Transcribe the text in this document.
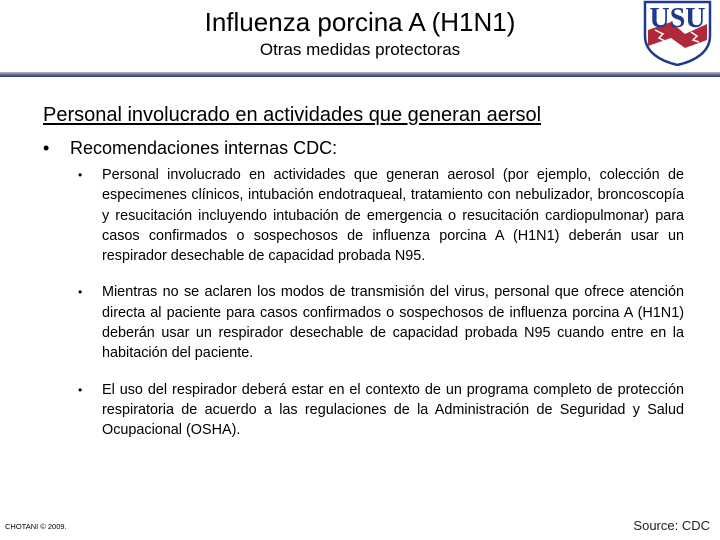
Influenza porcina A (H1N1)
Otras medidas protectoras
USU
Personal involucrado en actividades que generan aersol
•	Recomendaciones internas CDC:
• Personal involucrado en actividades que generan aerosol (por ejemplo, colección de especimenes clínicos, intubación endotraqueal, tratamiento con nebulizador, broncoscopía y resucitación incluyendo intubación de emergencia o resucitación cardiopulmonar) para casos confirmados o sospechosos de influenza porcina A (H1N1) deberán usar un respirador desechable de capacidad probada N95.
• Mientras no se aclaren los modos de transmisión del virus, personal que ofrece atención directa al paciente para casos confirmados o sospechosos de influenza porcina A (H1N1) deberán usar un respirador desechable de capacidad probada N95 cuando entre en la habitación del paciente.
• El uso del respirador deberá estar en el contexto de un programa completo de protección respiratoria de acuerdo a las regulaciones de la Administración de Seguridad y Salud Ocupacional (OSHA).
CHOTANI © 2009.	Source: CDC
